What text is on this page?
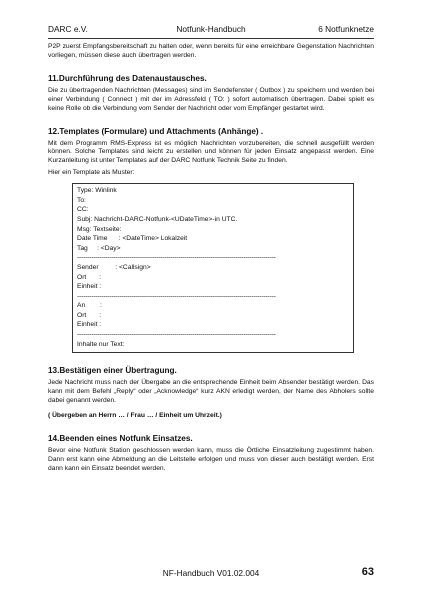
DARC e.V.	Notfunk-Handbuch	6 Notfunknetze

P2P zuerst Empfangsbereitschaft zu halten oder, wenn bereits für eine erreichbare Gegenstation Nachrichten vorliegen, müssen diese auch übertragen werden.

11.Durchführung des Datenaustausches.

Die zu übertragenden Nachrichten (Messages) sind im Sendefenster ( Outbox ) zu speichern und werden bei einer Verbindung ( Connect ) mit der im Adressfeld ( TO: ) sofort automatisch übertragen. Dabei spielt es keine Rolle ob die Verbindung vom Sender der Nachricht oder vom Empfänger gestartet wird.

12.Templates (Formulare) und Attachments (Anhänge) .

Mit dem Programm RMS-Express ist es möglich Nachrichten vorzubereiten, die schnell ausgefüllt werden können. Solche Templates sind leicht zu erstellen und können für jeden Einsatz angepasst werden. Eine Kurzanleitung ist unter Templates auf der DARC Notfunk Technik Seite zu finden.

Hier ein Template als Muster:

Type: Winlink
To:
CC:
Subj: Nachricht-DARC-Notfunk-<UDateTime>-in UTC.
Msg: Textseite:
Date Time      : <DateTime> Lokalzeit
Tag     : <Day>
--------------------------------------------------------------------------------------------------
Sender         : <Callsign>
Ort       :
Einheit :
--------------------------------------------------------------------------------------------------
An        :
Ort       :
Einheit :
--------------------------------------------------------------------------------------------------
Inhalte nur Text:
13.Bestätigen einer Übertragung.

Jede Nachricht muss nach der Übergabe an die entsprechende Einheit beim Absender bestätigt werden. Das kann mit dem Befehl „Reply“ oder „Acknowledge“ kurz AKN erledigt werden, der Name des Abholers sollte dabei genannt werden.

( Übergeben an Herrn … / Frau … / Einheit um Uhrzeit.)

14.Beenden eines Notfunk Einsatzes.

Bevor eine Notfunk Station geschlossen werden kann, muss die Örtliche Einsatzleitung zugestimmt haben. Dann erst kann eine Abmeldung an die Leitstelle erfolgen und muss von dieser auch bestätigt werden. Erst dann kann ein Einsatz beendet werden.

NF-Handbuch V01.02.004	63
